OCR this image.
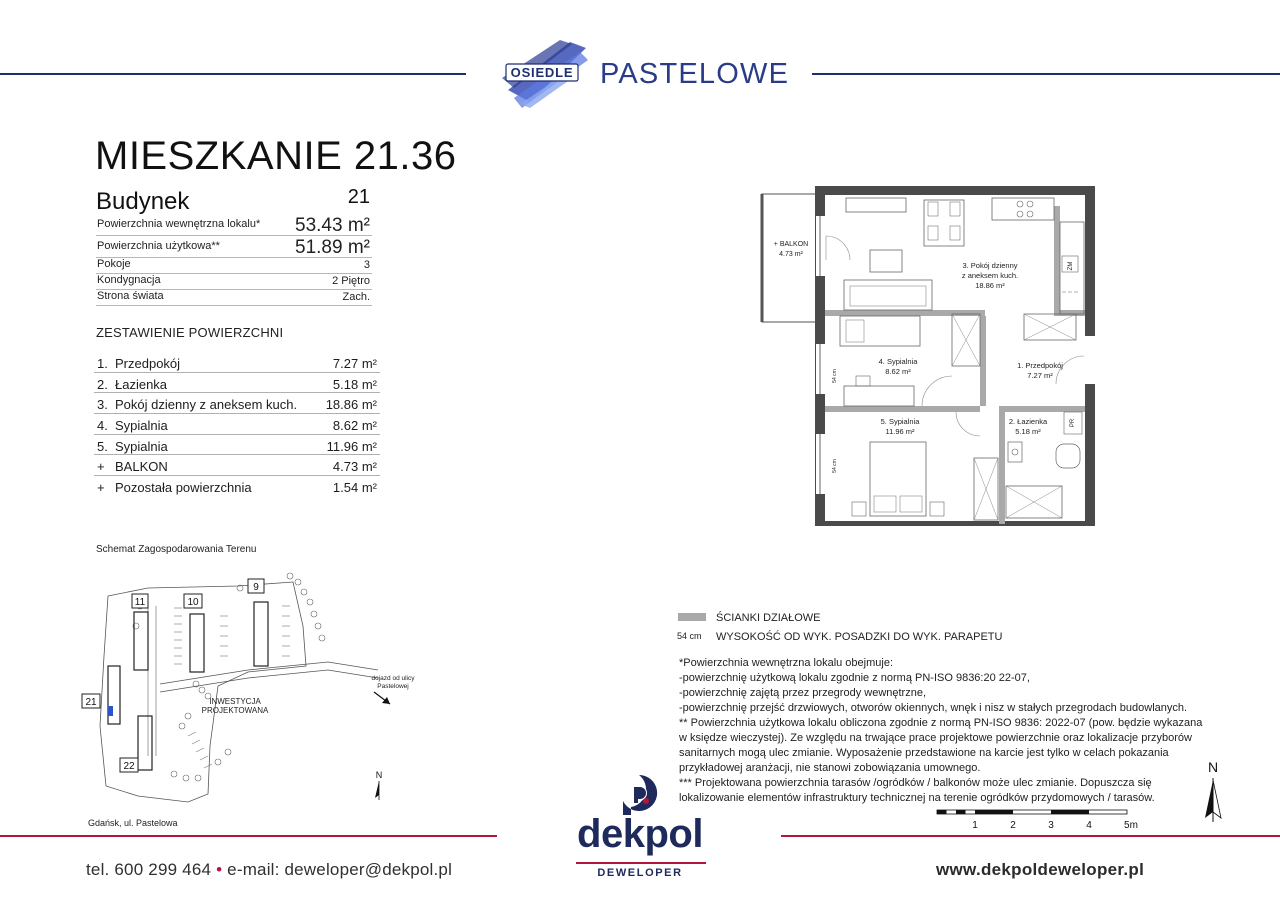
OSIEDLE PASTELOWE
MIESZKANIE 21.36
Budynek	21
Powierzchnia wewnętrzna lokalu* 53.43 m²
Powierzchnia użytkowa**	51.89 m²
Pokoje	3
Kondygnacja	2 Piętro
Strona świata	Zach.
ZESTAWIENIE POWIERZCHNI
1. Przedpokój	7.27 m²
2. Łazienka	5.18 m²
3. Pokój dzienny z aneksem kuch. 18.86 m²
4. Sypialnia	8.62 m²
5. Sypialnia	11.96 m²
+ BALKON	4.73 m²
+ Pozostała powierzchnia	1.54 m²
Schemat Zagospodarowania Terenu
11	10
9
21
22
INWESTYCJA
PROJEKTOWANA
dojazd od ulicy
Pastelowej
N
Gdańsk, ul. Pastelowa
+ BALKON
4.73 m²
ZM
3. Pokój dzienny
z aneksem kuch.
18.86 m²
4. Sypialnia
8.62 m²
54 cm
1. Przedpokój
7.27 m²
5. Sypialnia
11.96 m²
54 cm
PR
2. Łazienka
5.18 m²
ŚCIANKI DZIAŁOWE
54 cm WYSOKOŚĆ OD WYK. POSADZKI DO WYK. PARAPETU
*Powierzchnia wewnętrzna lokalu obejmuje:
-powierzchnię użytkową lokalu zgodnie z normą PN-ISO 9836:20 22-07,
-powierzchnię zajętą przez przegrody wewnętrzne,
-powierzchnię przejść drzwiowych, otworów okiennych, wnęk i nisz w stałych przegrodach budowlanych.
** Powierzchnia użytkowa lokalu obliczona zgodnie z normą PN-ISO 9836: 2022-07 (pow. będzie wykazana
w księdze wieczystej). Ze względu na trwające prace projektowe powierzchnie oraz lokalizacje przyborów
sanitarnych mogą ulec zmianie. Wyposażenie przedstawione na karcie jest tylko w celach pokazania
przykładowej aranżacji, nie stanowi zobowiązania umownego.
*** Projektowana powierzchnia tarasów /ogródków / balkonów może ulec zmianie. Dopuszcza się
lokalizowanie elementów infrastruktury technicznej na terenie ogródków przydomowych / tarasów.
N
1	2	3	4	5m
tel. 600 299 464 • e-mail: deweloper@dekpol.pl	www.dekpoldeweloper.pl
dekpol
DEWELOPER
